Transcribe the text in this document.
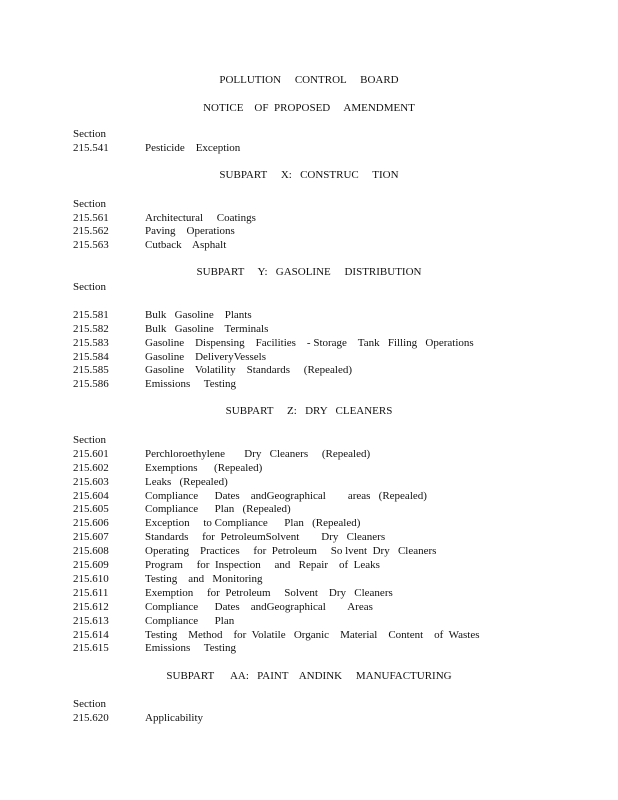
POLLUTION     CONTROL     BOARD
NOTICE    OF  PROPOSED     AMENDMENT
Section
215.541	Pesticide    Exception
SUBPART     X:   CONSTRUC     TION
Section
215.561	Architectural     Coatings
215.562	Paving    Operations
215.563	Cutback    Asphalt
SUBPART     Y:   GASOLINE     DISTRIBUTION
Section
215.581	Bulk   Gasoline    Plants
215.582	Bulk   Gasoline    Terminals
215.583	Gasoline    Dispensing    Facilities    - Storage    Tank   Filling   Operations
215.584	Gasoline    DeliveryVessels
215.585	Gasoline    Volatility    Standards     (Repealed)
215.586	Emissions     Testing
SUBPART     Z:   DRY   CLEANERS
Section
215.601	Perchloroethylene       Dry   Cleaners     (Repealed)
215.602	Exemptions      (Repealed)
215.603	Leaks   (Repealed)
215.604	Compliance      Dates    andGeographical        areas   (Repealed)
215.605	Compliance      Plan   (Repealed)
215.606	Exception     to Compliance      Plan   (Repealed)
215.607	Standards     for  PetroleumSolvent        Dry   Cleaners
215.608	Operating    Practices     for  Petroleum     So lvent  Dry   Cleaners
215.609	Program     for  Inspection     and   Repair    of  Leaks
215.610	Testing    and   Monitoring
215.611	Exemption     for  Petroleum     Solvent    Dry   Cleaners
215.612	Compliance      Dates    andGeographical        Areas
215.613	Compliance      Plan
215.614	Testing    Method    for  Volatile   Organic    Material    Content    of  Wastes
215.615	Emissions     Testing
SUBPART      AA:   PAINT    ANDINK     MANUFACTURING
Section
215.620	Applicability
